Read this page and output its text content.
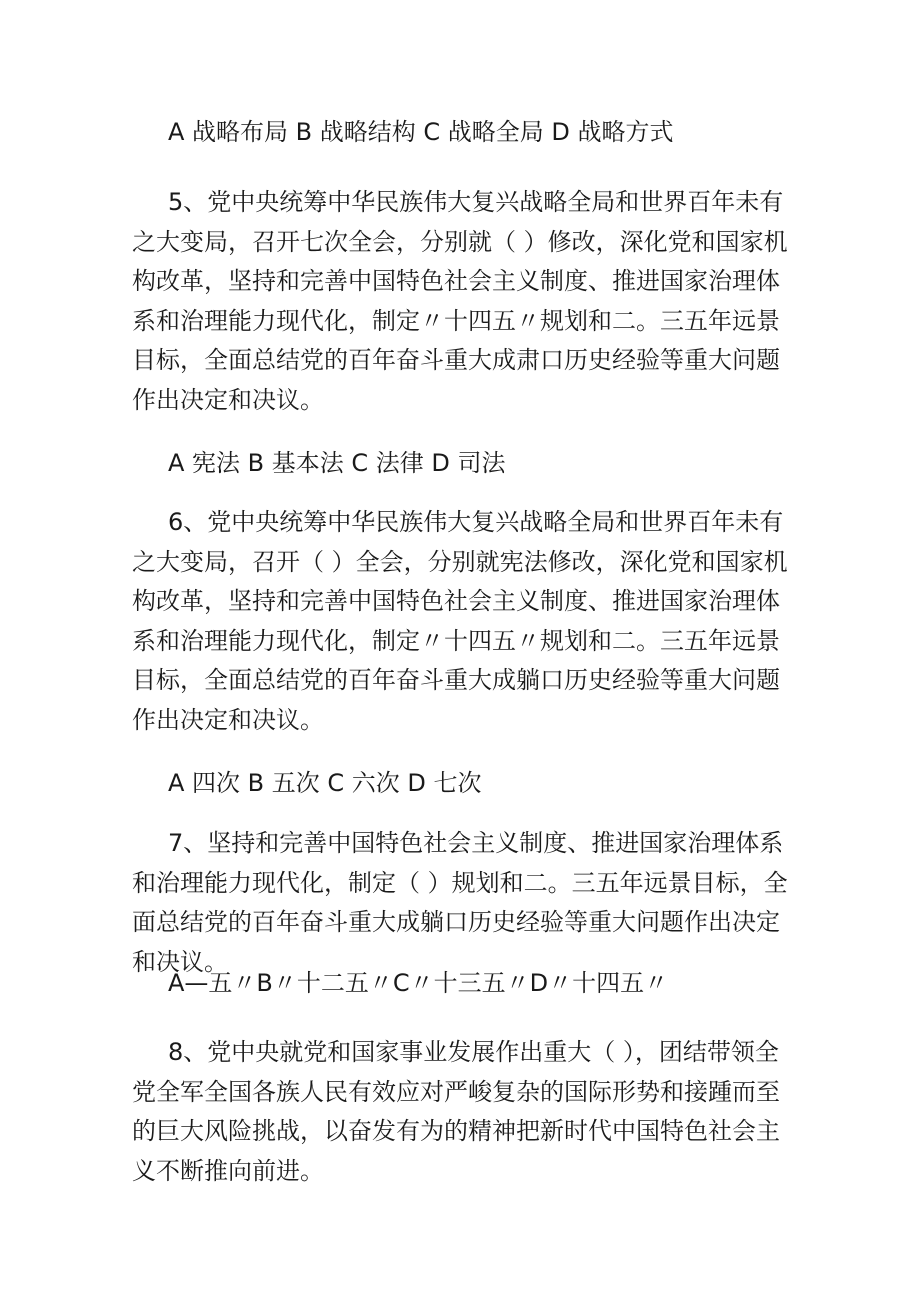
A 战略布局 B 战略结构 C 战略全局 D 战略方式

5、党中央统筹中华民族伟大复兴战略全局和世界百年未有之大变局，召开七次全会，分别就（ ）修改，深化党和国家机构改革，坚持和完善中国特色社会主义制度、推进国家治理体系和治理能力现代化，制定〃十四五〃规划和二。三五年远景目标，全面总结党的百年奋斗重大成肃口历史经验等重大问题作出决定和决议。

A 宪法 B 基本法 C 法律 D 司法

6、党中央统筹中华民族伟大复兴战略全局和世界百年未有之大变局，召开（ ）全会，分别就宪法修改，深化党和国家机构改革，坚持和完善中国特色社会主义制度、推进国家治理体系和治理能力现代化，制定〃十四五〃规划和二。三五年远景目标，全面总结党的百年奋斗重大成躺口历史经验等重大问题作出决定和决议。

A 四次 B 五次 C 六次 D 七次

7、坚持和完善中国特色社会主义制度、推进国家治理体系和治理能力现代化，制定（ ）规划和二。三五年远景目标，全面总结党的百年奋斗重大成躺口历史经验等重大问题作出决定和决议。

A—五〃B〃十二五〃C〃十三五〃D〃十四五〃

8、党中央就党和国家事业发展作出重大（ ），团结带领全党全军全国各族人民有效应对严峻复杂的国际形势和接踵而至的巨大风险挑战，以奋发有为的精神把新时代中国特色社会主义不断推向前进。
